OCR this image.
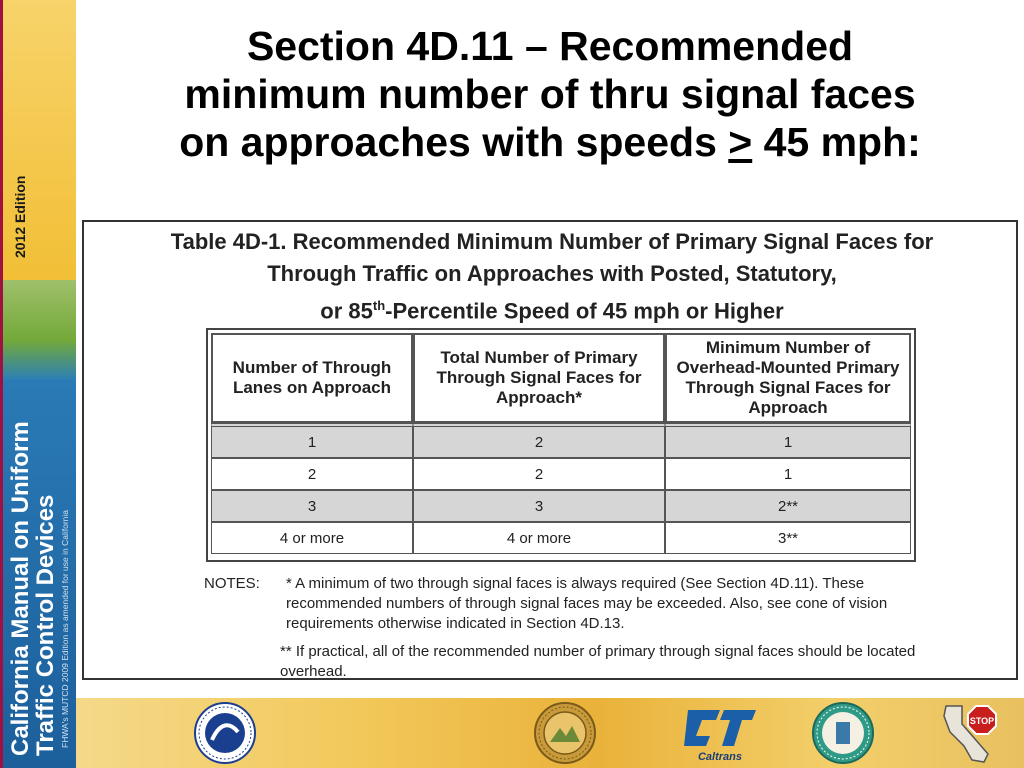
2012 Edition
California Manual on Uniform
Traffic Control Devices FHWA's MUTCD 2009 Edition as amended for use in California
Section 4D.11 – Recommended
minimum number of thru signal faces
on approaches with speeds ≥ 45 mph:
Table 4D-1. Recommended Minimum Number of Primary Signal Faces for
Through Traffic on Approaches with Posted, Statutory,
or 85th-Percentile Speed of 45 mph or Higher
Number of Through Lanes on Approach	Total Number of Primary Through Signal Faces for Approach*	Minimum Number of Overhead-Mounted Primary Through Signal Faces for Approach
1	2	1
2	2	1
3	3	2**
4 or more	4 or more	3**
NOTES: * A minimum of two through signal faces is always required (See Section 4D.11). These recommended numbers of through signal faces may be exceeded. Also, see cone of vision requirements otherwise indicated in Section 4D.13.
** If practical, all of the recommended number of primary through signal faces should be located overhead.
Caltrans
STOP
